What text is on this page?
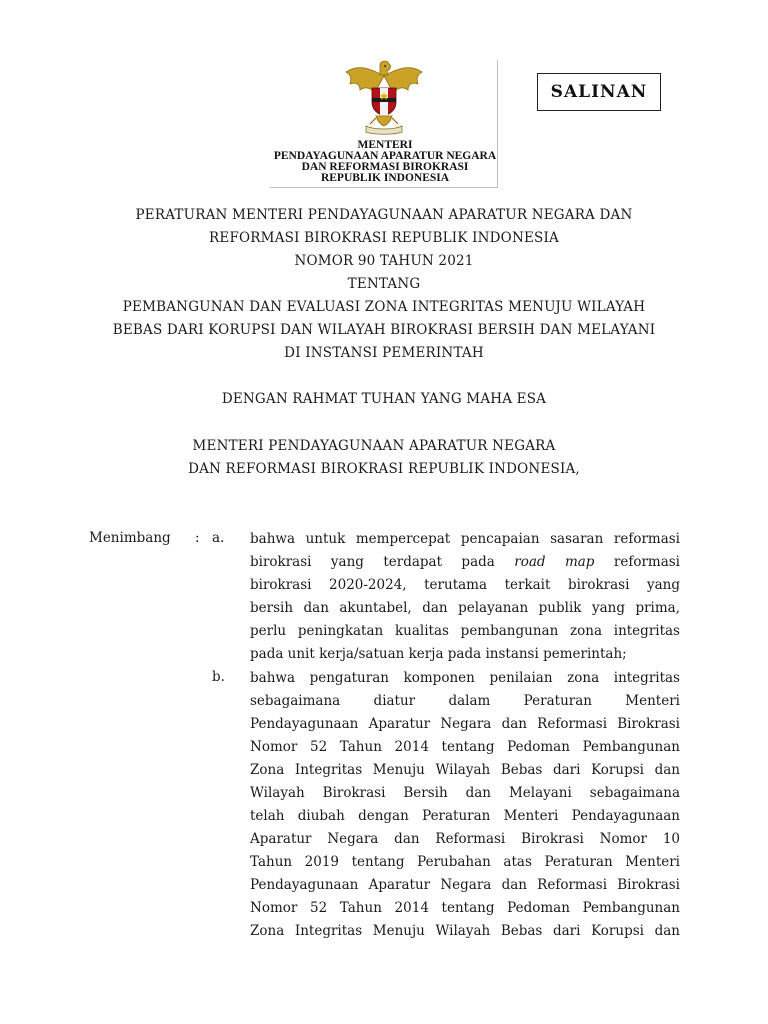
SALINAN
MENTERI
PENDAYAGUNAAN APARATUR NEGARA
DAN REFORMASI BIROKRASI
REPUBLIK INDONESIA
PERATURAN MENTERI PENDAYAGUNAAN APARATUR NEGARA DAN
REFORMASI BIROKRASI REPUBLIK INDONESIA
NOMOR 90 TAHUN 2021
TENTANG
PEMBANGUNAN DAN EVALUASI ZONA INTEGRITAS MENUJU WILAYAH
BEBAS DARI KORUPSI DAN WILAYAH BIROKRASI BERSIH DAN MELAYANI
DI INSTANSI PEMERINTAH
DENGAN RAHMAT TUHAN YANG MAHA ESA
MENTERI PENDAYAGUNAAN APARATUR NEGARA
DAN REFORMASI BIROKRASI REPUBLIK INDONESIA,
Menimbang : a.
b.
bahwa untuk mempercepat pencapaian sasaran reformasi
birokrasi yang terdapat pada road map reformasi
birokrasi 2020-2024, terutama terkait birokrasi yang
bersih dan akuntabel, dan pelayanan publik yang prima,
perlu peningkatan kualitas pembangunan zona integritas
pada unit kerja/satuan kerja pada instansi pemerintah;
bahwa pengaturan komponen penilaian zona integritas
sebagaimana diatur dalam Peraturan Menteri
Pendayagunaan Aparatur Negara dan Reformasi Birokrasi
Nomor 52 Tahun 2014 tentang Pedoman Pembangunan
Zona Integritas Menuju Wilayah Bebas dari Korupsi dan
Wilayah Birokrasi Bersih dan Melayani sebagaimana
telah diubah dengan Peraturan Menteri Pendayagunaan
Aparatur Negara dan Reformasi Birokrasi Nomor 10
Tahun 2019 tentang Perubahan atas Peraturan Menteri
Pendayagunaan Aparatur Negara dan Reformasi Birokrasi
Nomor 52 Tahun 2014 tentang Pedoman Pembangunan
Zona Integritas Menuju Wilayah Bebas dari Korupsi dan
